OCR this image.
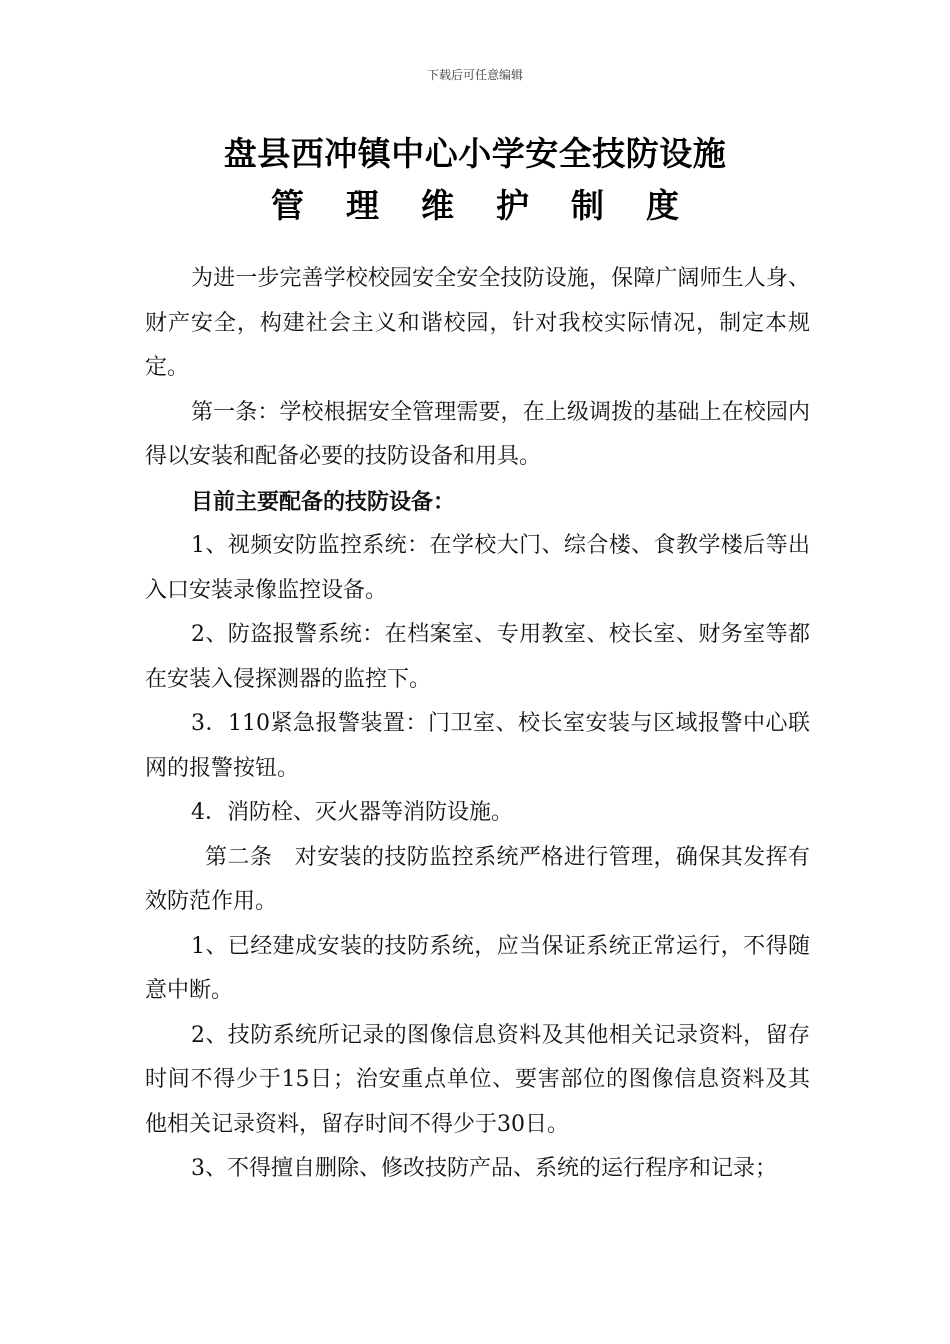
下载后可任意编辑
盘县西冲镇中心小学安全技防设施
管理维护制度

为进一步完善学校校园安全安全技防设施，保障广阔师生人身、财产安全，构建社会主义和谐校园，针对我校实际情况，制定本规定。

第一条：学校根据安全管理需要，在上级调拨的基础上在校园内得以安装和配备必要的技防设备和用具。

目前主要配备的技防设备：

1、视频安防监控系统：在学校大门、综合楼、食教学楼后等出入口安装录像监控设备。

2、防盗报警系统：在档案室、专用教室、校长室、财务室等都在安装入侵探测器的监控下。

3．110紧急报警装置：门卫室、校长室安装与区域报警中心联网的报警按钮。

4．消防栓、灭火器等消防设施。

第二条　对安装的技防监控系统严格进行管理，确保其发挥有效防范作用。

1、已经建成安装的技防系统，应当保证系统正常运行，不得随意中断。

2、技防系统所记录的图像信息资料及其他相关记录资料，留存时间不得少于15日；治安重点单位、要害部位的图像信息资料及其他相关记录资料，留存时间不得少于30日。

3、不得擅自删除、修改技防产品、系统的运行程序和记录；
